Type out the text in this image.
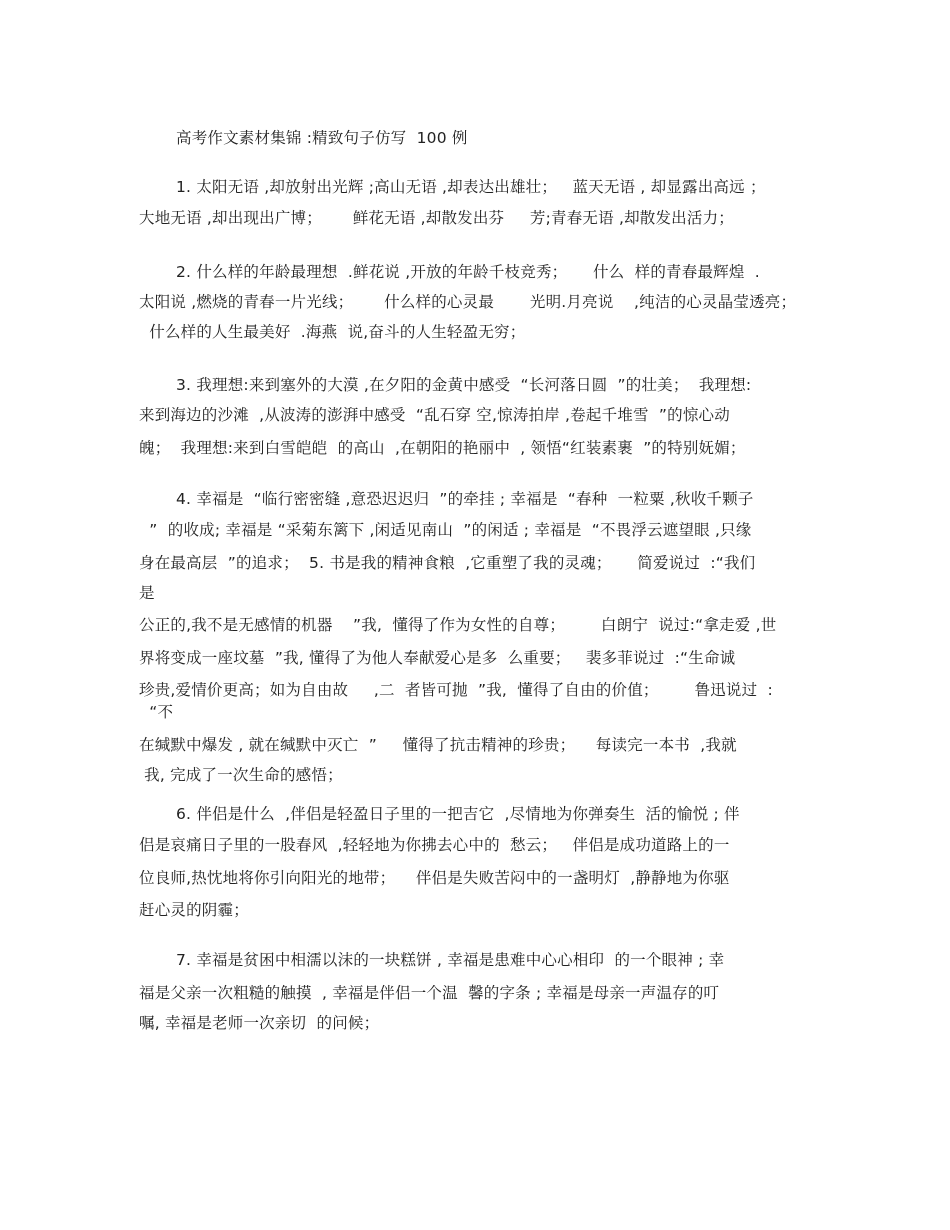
高考作文素材集锦 :精致句子仿写  100 例
1. 太阳无语 ,却放射出光辉 ;高山无语 ,却表达出雄壮；   蓝天无语 , 却显露出高远 ；
大地无语 ,却出现出广博；      鲜花无语 ,却散发出芬     芳;青春无语 ,却散发出活力；
2. 什么样的年龄最理想  .鲜花说 ,开放的年龄千枝竞秀；     什么  样的青春最辉煌  .
太阳说 ,燃烧的青春一片光线；      什么样的心灵最       光明.月亮说    ,纯洁的心灵晶莹透亮；
什么样的人生最美好  .海燕  说,奋斗的人生轻盈无穷；
3. 我理想:来到塞外的大漠 ,在夕阳的金黄中感受  “长河落日圆  ”的壮美；  我理想:
来到海边的沙滩  ,从波涛的澎湃中感受  “乱石穿 空,惊涛拍岸 ,卷起千堆雪  ”的惊心动
魄；  我理想:来到白雪皑皑  的高山  ,在朝阳的艳丽中  , 领悟“红装素裹  ”的特别妩媚；
4. 幸福是  “临行密密缝 ,意恐迟迟归  ”的牵挂 ; 幸福是  “春种  一粒粟 ,秋收千颗子
”  的收成; 幸福是 “采菊东篱下 ,闲适见南山  ”的闲适 ; 幸福是  “不畏浮云遮望眼 ,只缘
身在最高层  ”的追求；  5. 书是我的精神食粮  ,它重塑了我的灵魂；     简爱说过  :“我们
是
公正的,我不是无感情的机器    ”我,  懂得了作为女性的自尊；       白朗宁  说过:“拿走爱 ,世
界将变成一座坟墓  ”我, 懂得了为他人奉献爱心是多  么重要；   裴多菲说过  :“生命诚
珍贵,爱情价更高；如为自由故     ,二  者皆可抛  ”我,  懂得了自由的价值；       鲁迅说过  :
“不
在缄默中爆发 , 就在缄默中灭亡  ”     懂得了抗击精神的珍贵；    每读完一本书  ,我就
我, 完成了一次生命的感悟；
6. 伴侣是什么  ,伴侣是轻盈日子里的一把吉它  ,尽情地为你弹奏生  活的愉悦 ; 伴
侣是哀痛日子里的一股春风  ,轻轻地为你拂去心中的  愁云；   伴侣是成功道路上的一
位良师,热忱地将你引向阳光的地带；    伴侣是失败苦闷中的一盏明灯  ,静静地为你驱
赶心灵的阴霾；
7. 幸福是贫困中相濡以沫的一块糕饼 , 幸福是患难中心心相印  的一个眼神 ; 幸
福是父亲一次粗糙的触摸  , 幸福是伴侣一个温  馨的字条 ; 幸福是母亲一声温存的叮
嘱, 幸福是老师一次亲切  的问候；
